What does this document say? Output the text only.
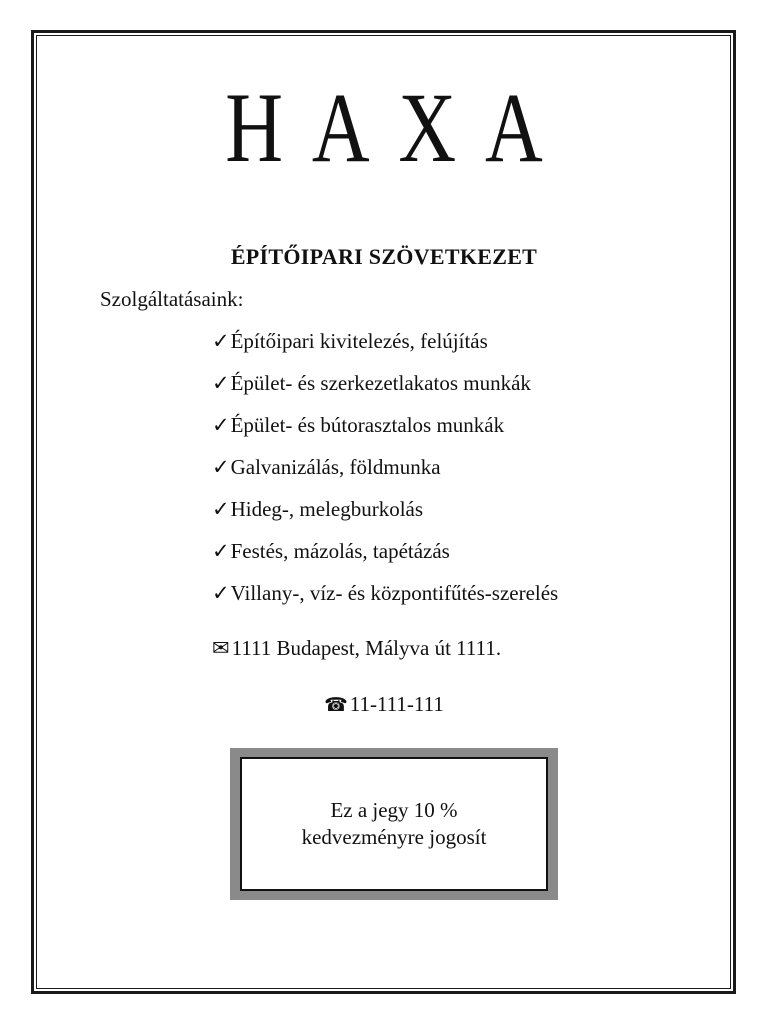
HAXA
ÉPÍTŐIPARI SZÖVETKEZET
Szolgáltatásaink:
✓Építőipari kivitelezés, felújítás
✓Épület- és szerkezetlakatos munkák
✓Épület- és bútorasztalos munkák
✓Galvanizálás, földmunka
✓Hideg-, melegburkolás
✓Festés, mázolás, tapétázás
✓Villany-, víz- és központifűtés-szerelés
✉1111 Budapest, Mályva út 1111.
☎11-111-111
Ez a jegy 10 %
kedvezményre jogosít
